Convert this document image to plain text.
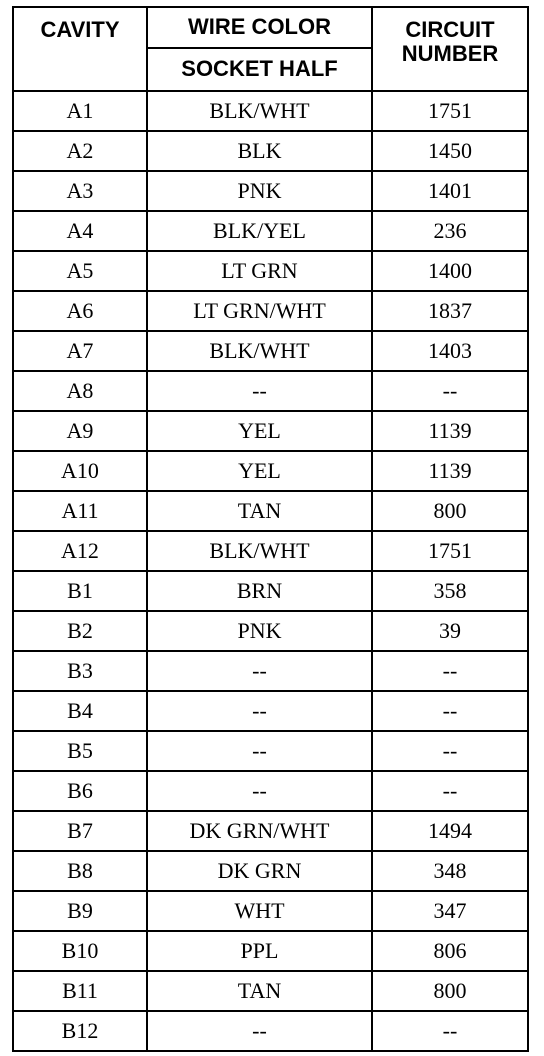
CAVITY	WIRE COLOR	CIRCUIT NUMBER
	SOCKET HALF	
A1	BLK/WHT	1751
A2	BLK	1450
A3	PNK	1401
A4	BLK/YEL	236
A5	LT GRN	1400
A6	LT GRN/WHT	1837
A7	BLK/WHT	1403
A8	--	--
A9	YEL	1139
A10	YEL	1139
A11	TAN	800
A12	BLK/WHT	1751
B1	BRN	358
B2	PNK	39
B3	--	--
B4	--	--
B5	--	--
B6	--	--
B7	DK GRN/WHT	1494
B8	DK GRN	348
B9	WHT	347
B10	PPL	806
B11	TAN	800
B12	--	--
